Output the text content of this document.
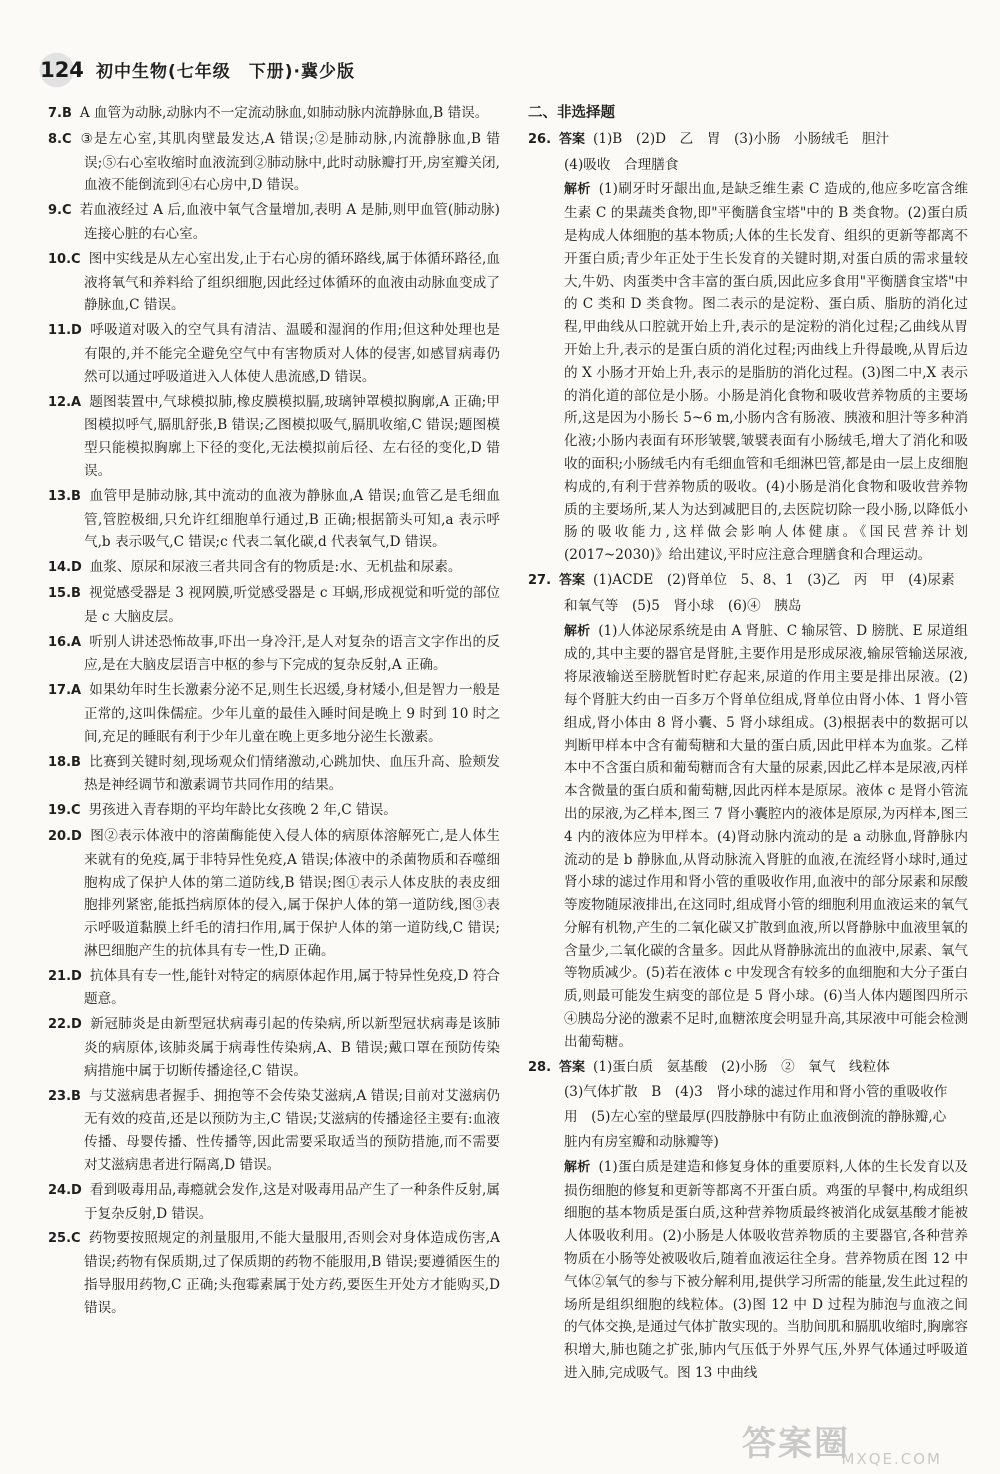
124 初中生物(七年级　下册)·冀少版
7.B A 血管为动脉,动脉内不一定流动脉血,如肺动脉内流静脉血,B 错误。
8.C ③是左心室,其肌肉壁最发达,A 错误;②是肺动脉,内流静脉血,B 错误;⑤右心室收缩时血液流到②肺动脉中,此时动脉瓣打开,房室瓣关闭,血液不能倒流到④右心房中,D 错误。
9.C 若血液经过 A 后,血液中氧气含量增加,表明 A 是肺,则甲血管(肺动脉)连接心脏的右心室。
10.C 图中实线是从左心室出发,止于右心房的循环路线,属于体循环路径,血液将氧气和养料给了组织细胞,因此经过体循环的血液由动脉血变成了静脉血,C 错误。
11.D 呼吸道对吸入的空气具有清洁、温暖和湿润的作用;但这种处理也是有限的,并不能完全避免空气中有害物质对人体的侵害,如感冒病毒仍然可以通过呼吸道进入人体使人患流感,D 错误。
12.A 题图装置中,气球模拟肺,橡皮膜模拟膈,玻璃钟罩模拟胸廓,A 正确;甲图模拟呼气,膈肌舒张,B 错误;乙图模拟吸气,膈肌收缩,C 错误;题图模型只能模拟胸廓上下径的变化,无法模拟前后径、左右径的变化,D 错误。
13.B 血管甲是肺动脉,其中流动的血液为静脉血,A 错误;血管乙是毛细血管,管腔极细,只允许红细胞单行通过,B 正确;根据箭头可知,a 表示呼气,b 表示吸气,C 错误;c 代表二氧化碳,d 代表氧气,D 错误。
14.D 血浆、原尿和尿液三者共同含有的物质是:水、无机盐和尿素。
15.B 视觉感受器是 3 视网膜,听觉感受器是 c 耳蜗,形成视觉和听觉的部位是 c 大脑皮层。
16.A 听别人讲述恐怖故事,吓出一身冷汗,是人对复杂的语言文字作出的反应,是在大脑皮层语言中枢的参与下完成的复杂反射,A 正确。
17.A 如果幼年时生长激素分泌不足,则生长迟缓,身材矮小,但是智力一般是正常的,这叫侏儒症。少年儿童的最佳入睡时间是晚上 9 时到 10 时之间,充足的睡眠有利于少年儿童在晚上更多地分泌生长激素。
18.B 比赛到关键时刻,现场观众们情绪激动,心跳加快、血压升高、脸颊发热是神经调节和激素调节共同作用的结果。
19.C 男孩进入青春期的平均年龄比女孩晚 2 年,C 错误。
20.D 图②表示体液中的溶菌酶能使入侵人体的病原体溶解死亡,是人体生来就有的免疫,属于非特异性免疫,A 错误;体液中的杀菌物质和吞噬细胞构成了保护人体的第二道防线,B 错误;图①表示人体皮肤的表皮细胞排列紧密,能抵挡病原体的侵入,属于保护人体的第一道防线,图③表示呼吸道黏膜上纤毛的清扫作用,属于保护人体的第一道防线,C 错误;淋巴细胞产生的抗体具有专一性,D 正确。
21.D 抗体具有专一性,能针对特定的病原体起作用,属于特异性免疫,D 符合题意。
22.D 新冠肺炎是由新型冠状病毒引起的传染病,所以新型冠状病毒是该肺炎的病原体,该肺炎属于病毒性传染病,A、B 错误;戴口罩在预防传染病措施中属于切断传播途径,C 错误。
23.B 与艾滋病患者握手、拥抱等不会传染艾滋病,A 错误;目前对艾滋病仍无有效的疫苗,还是以预防为主,C 错误;艾滋病的传播途径主要有:血液传播、母婴传播、性传播等,因此需要采取适当的预防措施,而不需要对艾滋病患者进行隔离,D 错误。
24.D 看到吸毒用品,毒瘾就会发作,这是对吸毒用品产生了一种条件反射,属于复杂反射,D 错误。
25.C 药物要按照规定的剂量服用,不能大量服用,否则会对身体造成伤害,A 错误;药物有保质期,过了保质期的药物不能服用,B 错误;要遵循医生的指导服用药物,C 正确;头孢霉素属于处方药,要医生开处方才能购买,D 错误。
二、非选择题
26. 答案 (1)B　(2)D　乙　胃　(3)小肠　小肠绒毛　胆汁
(4)吸收　合理膳食
解析 (1)刷牙时牙龈出血,是缺乏维生素 C 造成的,他应多吃富含维生素 C 的果蔬类食物,即"平衡膳食宝塔"中的 B 类食物。(2)蛋白质是构成人体细胞的基本物质;人体的生长发育、组织的更新等都离不开蛋白质;青少年正处于生长发育的关键时期,对蛋白质的需求量较大,牛奶、肉蛋类中含丰富的蛋白质,因此应多食用"平衡膳食宝塔"中的 C 类和 D 类食物。图二表示的是淀粉、蛋白质、脂肪的消化过程,甲曲线从口腔就开始上升,表示的是淀粉的消化过程;乙曲线从胃开始上升,表示的是蛋白质的消化过程;丙曲线上升得最晚,从胃后边的 X 小肠才开始上升,表示的是脂肪的消化过程。(3)图二中,X 表示的消化道的部位是小肠。小肠是消化食物和吸收营养物质的主要场所,这是因为小肠长 5~6 m,小肠内含有肠液、胰液和胆汁等多种消化液;小肠内表面有环形皱襞,皱襞表面有小肠绒毛,增大了消化和吸收的面积;小肠绒毛内有毛细血管和毛细淋巴管,都是由一层上皮细胞构成的,有利于营养物质的吸收。(4)小肠是消化食物和吸收营养物质的主要场所,某人为达到减肥目的,去医院切除一段小肠,以降低小肠的吸收能力,这样做会影响人体健康。《国民营养计划(2017~2030)》给出建议,平时应注意合理膳食和合理运动。
27. 答案 (1)ACDE　(2)肾单位　5、8、1　(3)乙　丙　甲　(4)尿素
和氧气等　(5)5　肾小球　(6)④　胰岛
解析 (1)人体泌尿系统是由 A 肾脏、C 输尿管、D 膀胱、E 尿道组成的,其中主要的器官是肾脏,主要作用是形成尿液,输尿管输送尿液,将尿液输送至膀胱暂时贮存起来,尿道的作用主要是排出尿液。(2)每个肾脏大约由一百多万个肾单位组成,肾单位由肾小体、1 肾小管组成,肾小体由 8 肾小囊、5 肾小球组成。(3)根据表中的数据可以判断甲样本中含有葡萄糖和大量的蛋白质,因此甲样本为血浆。乙样本中不含蛋白质和葡萄糖而含有大量的尿素,因此乙样本是尿液,丙样本含微量的蛋白质和葡萄糖,因此丙样本是原尿。液体 c 是肾小管流出的尿液,为乙样本,图三 7 肾小囊腔内的液体是原尿,为丙样本,图三 4 内的液体应为甲样本。(4)肾动脉内流动的是 a 动脉血,肾静脉内流动的是 b 静脉血,从肾动脉流入肾脏的血液,在流经肾小球时,通过肾小球的滤过作用和肾小管的重吸收作用,血液中的部分尿素和尿酸等废物随尿液排出,在这同时,组成肾小管的细胞利用血液运来的氧气分解有机物,产生的二氧化碳又扩散到血液,所以肾静脉中血液里氧的含量少,二氧化碳的含量多。因此从肾静脉流出的血液中,尿素、氧气等物质减少。(5)若在液体 c 中发现含有较多的血细胞和大分子蛋白质,则最可能发生病变的部位是 5 肾小球。(6)当人体内题图四所示④胰岛分泌的激素不足时,血糖浓度会明显升高,其尿液中可能会检测出葡萄糖。
28. 答案 (1)蛋白质　氨基酸　(2)小肠　②　氧气　线粒体
(3)气体扩散　B　(4)3　肾小球的滤过作用和肾小管的重吸收作
用　(5)左心室的壁最厚(四肢静脉中有防止血液倒流的静脉瓣,心
脏内有房室瓣和动脉瓣等)
解析 (1)蛋白质是建造和修复身体的重要原料,人体的生长发育以及损伤细胞的修复和更新等都离不开蛋白质。鸡蛋的早餐中,构成组织细胞的基本物质是蛋白质,这种营养物质最终被消化成氨基酸才能被人体吸收利用。(2)小肠是人体吸收营养物质的主要器官,各种营养物质在小肠等处被吸收后,随着血液运往全身。营养物质在图 12 中气体②氧气的参与下被分解利用,提供学习所需的能量,发生此过程的场所是组织细胞的线粒体。(3)图 12 中 D 过程为肺泡与血液之间的气体交换,是通过气体扩散实现的。当肋间肌和膈肌收缩时,胸廓容积增大,肺也随之扩张,肺内气压低于外界气压,外界气体通过呼吸道进入肺,完成吸气。图 13 中曲线
答案圈
MXQE.COM
